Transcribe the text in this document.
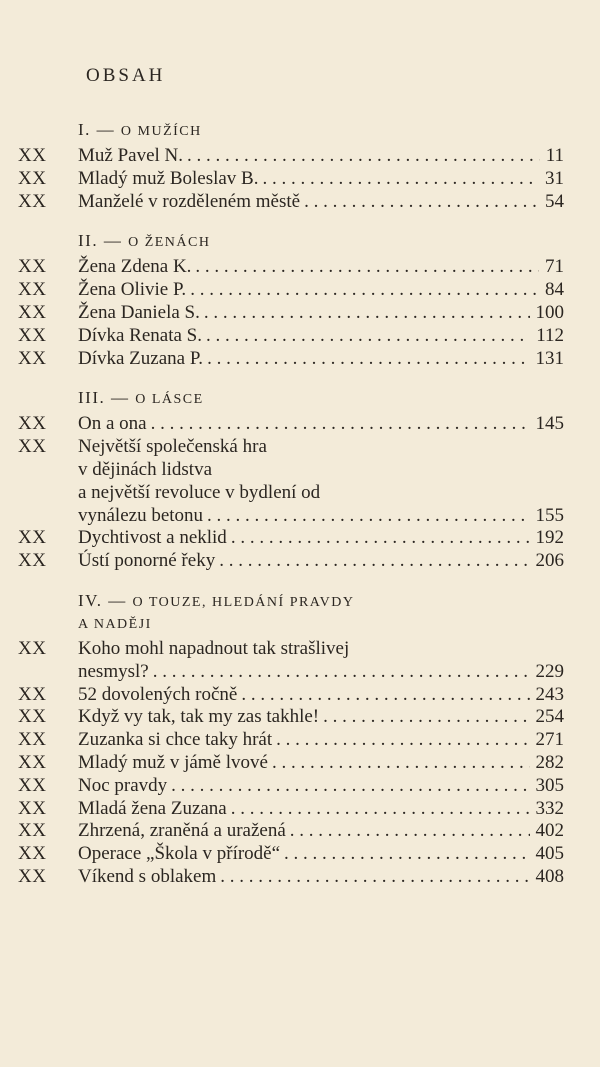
OBSAH
I. — O MUŽÍCH
XX	Muž Pavel N. . . .	11
XX	Mladý muž Boleslav B. . . .	31
XX	Manželé v rozděleném městě . . .	54
II. — O ŽENÁCH
XX	Žena Zdena K. . . .	71
XX	Žena Olivie P. . . .	84
XX	Žena Daniela S. . . .	100
XX	Dívka Renata S. . . .	112
XX	Dívka Zuzana P. . . .	131
III. — O LÁSCE
XX	On a ona . . .	145
XX	Největší společenská hra
v dějinách lidstva
a největší revoluce v bydlení od
vynálezu betonu . . .	155
XX	Dychtivost a neklid . . .	192
XX	Ústí ponorné řeky . . .	206
IV. — O TOUZE, HLEDÁNÍ PRAVDY
A NADĚJI
XX	Koho mohl napadnout tak strašlivej
nesmysl? . . .	229
XX	52 dovolených ročně . . .	243
XX	Když vy tak, tak my zas takhle! . . .	254
XX	Zuzanka si chce taky hrát . . .	271
XX	Mladý muž v jámě lvové . . .	282
XX	Noc pravdy . . .	305
XX	Mladá žena Zuzana . . .	332
XX	Zhrzená, zraněná a uražená . . .	402
XX	Operace „Škola v přírodě“ . . .	405
XX	Víkend s oblakem . . .	408
